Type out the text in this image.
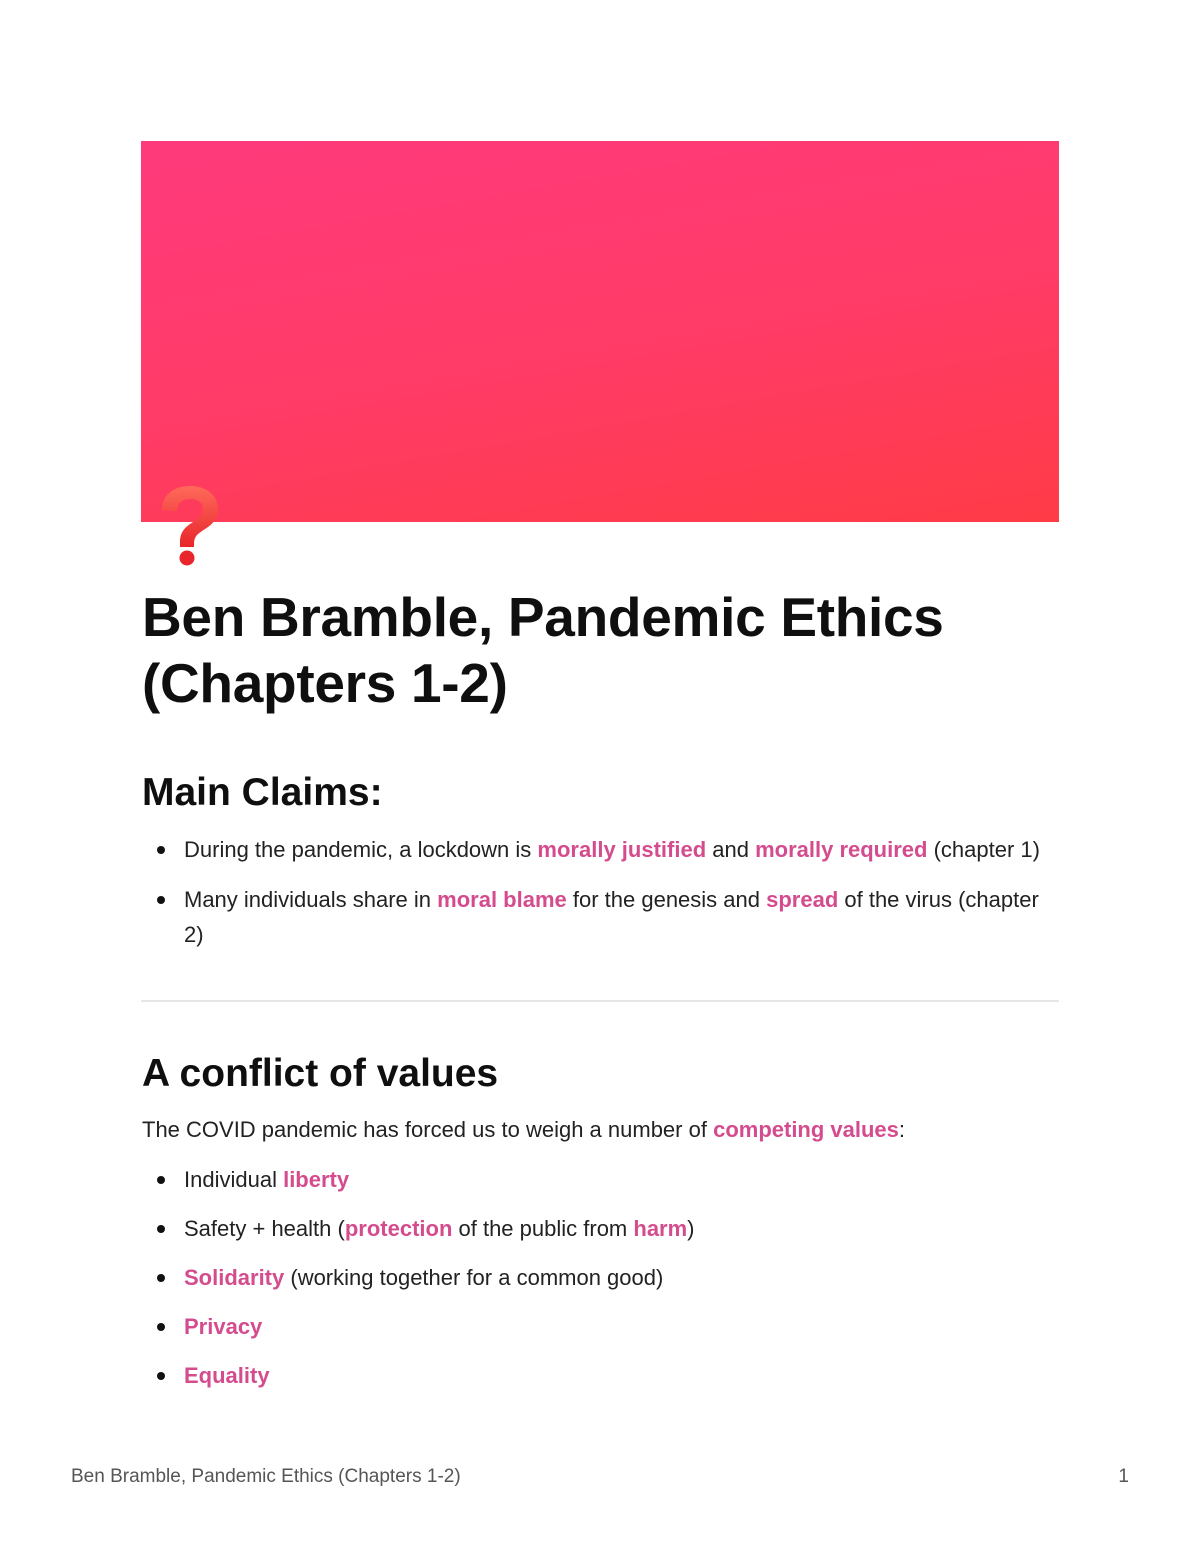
Ben Bramble, Pandemic Ethics
(Chapters 1-2)
Main Claims:
During the pandemic, a lockdown is morally justified and morally required (chapter 1)
Many individuals share in moral blame for the genesis and spread of the virus (chapter 2)
A conflict of values

The COVID pandemic has forced us to weigh a number of competing values:

Individual liberty
Safety + health (protection of the public from harm)
Solidarity (working together for a common good)
Privacy
Equality
Ben Bramble, Pandemic Ethics (Chapters 1-2)	1
